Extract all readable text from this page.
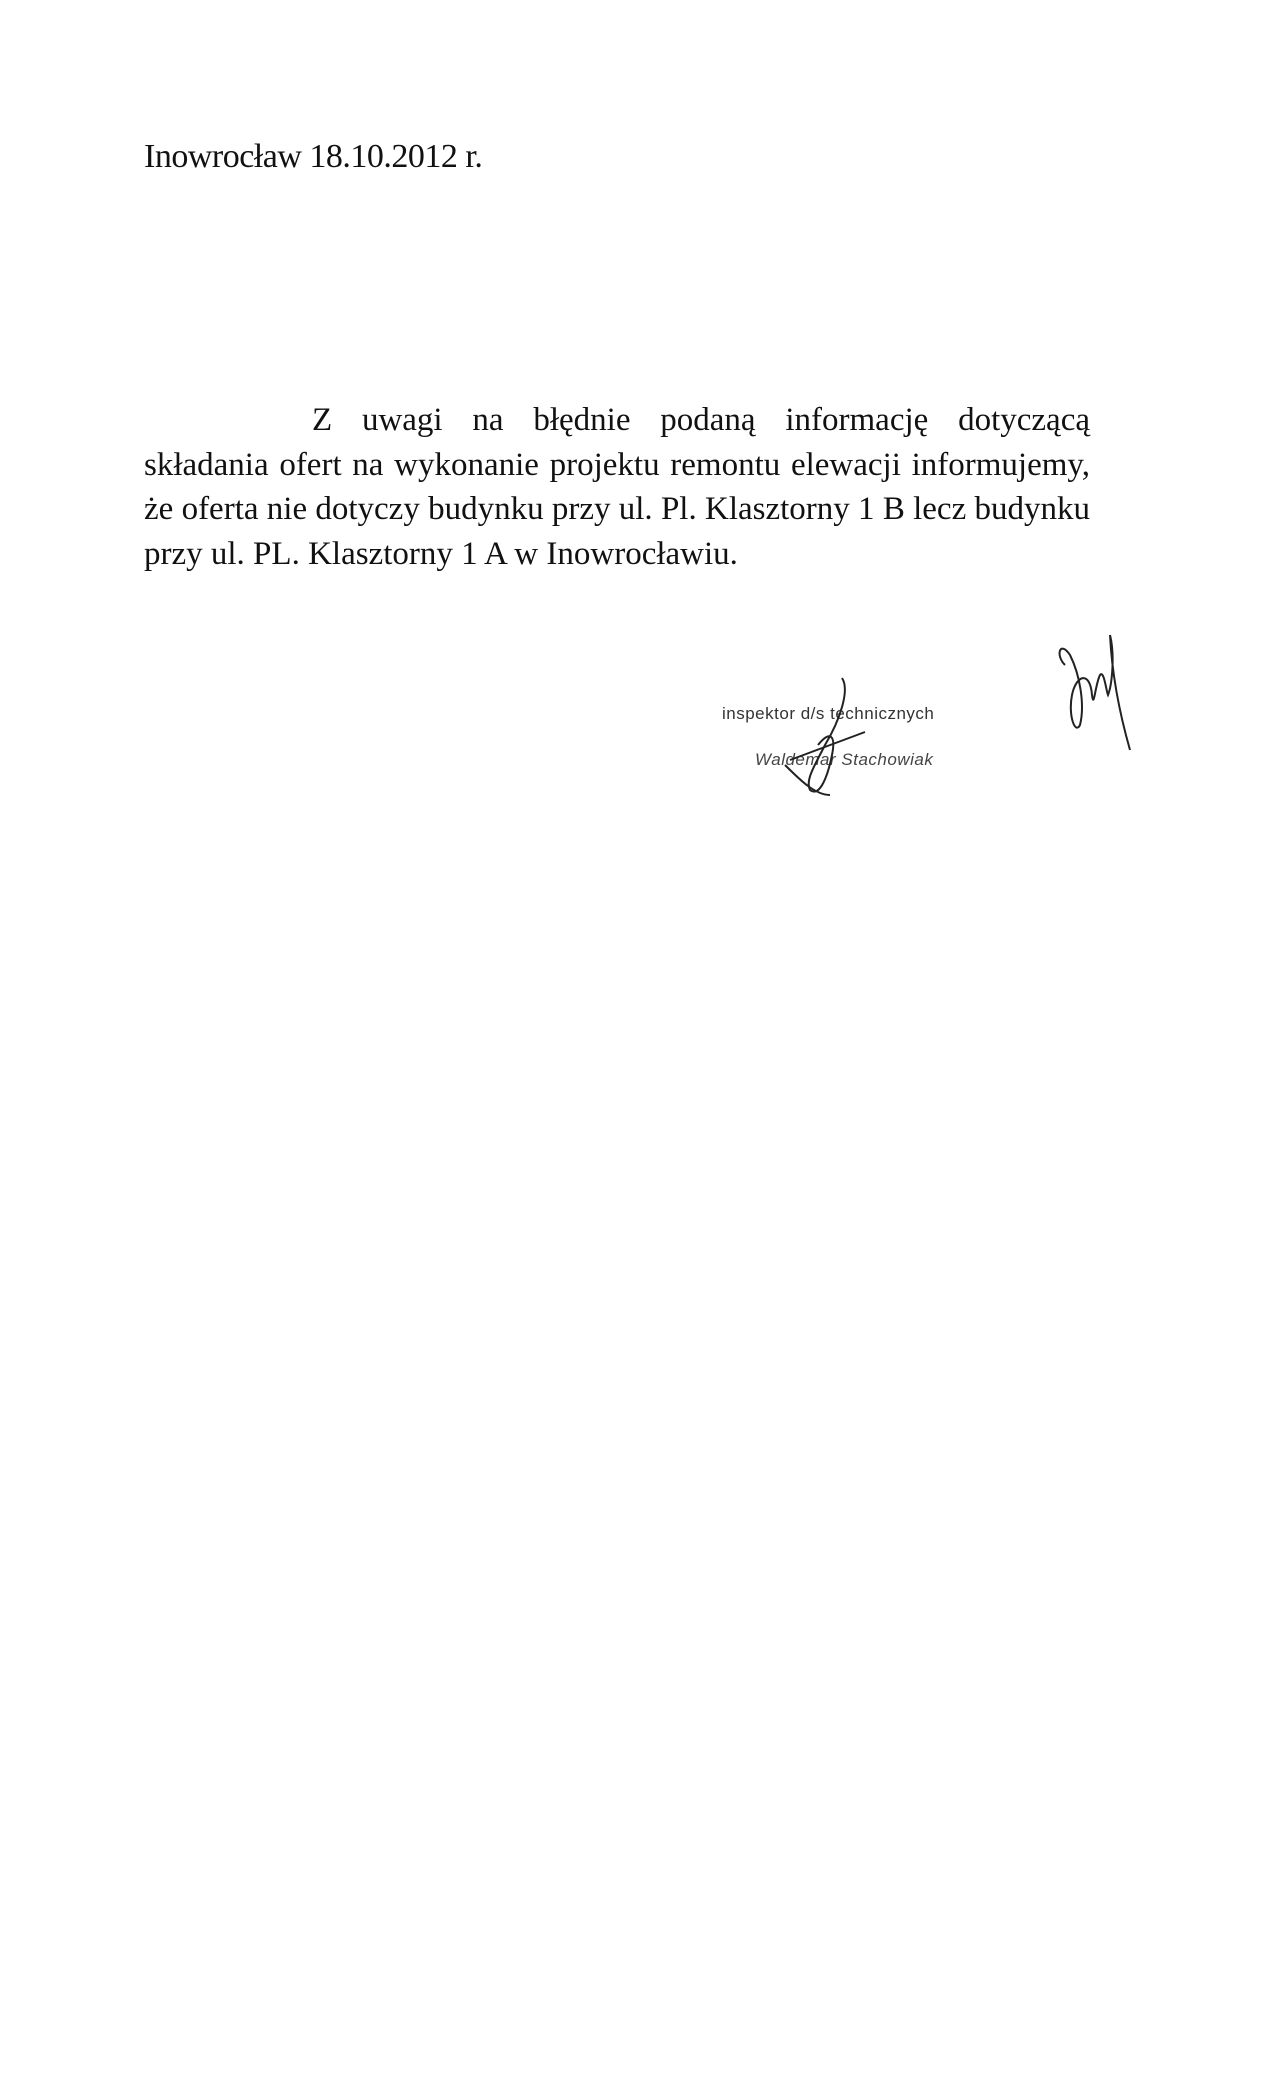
Inowrocław 18.10.2012 r.

Z uwagi na błędnie podaną informację dotyczącą składania ofert na wykonanie projektu remontu elewacji informujemy, że oferta nie dotyczy budynku przy ul. Pl. Klasztorny 1 B lecz budynku przy ul. PL. Klasztorny 1 A w Inowrocławiu.

inspektor d/s technicznych
Waldemar Stachowiak
